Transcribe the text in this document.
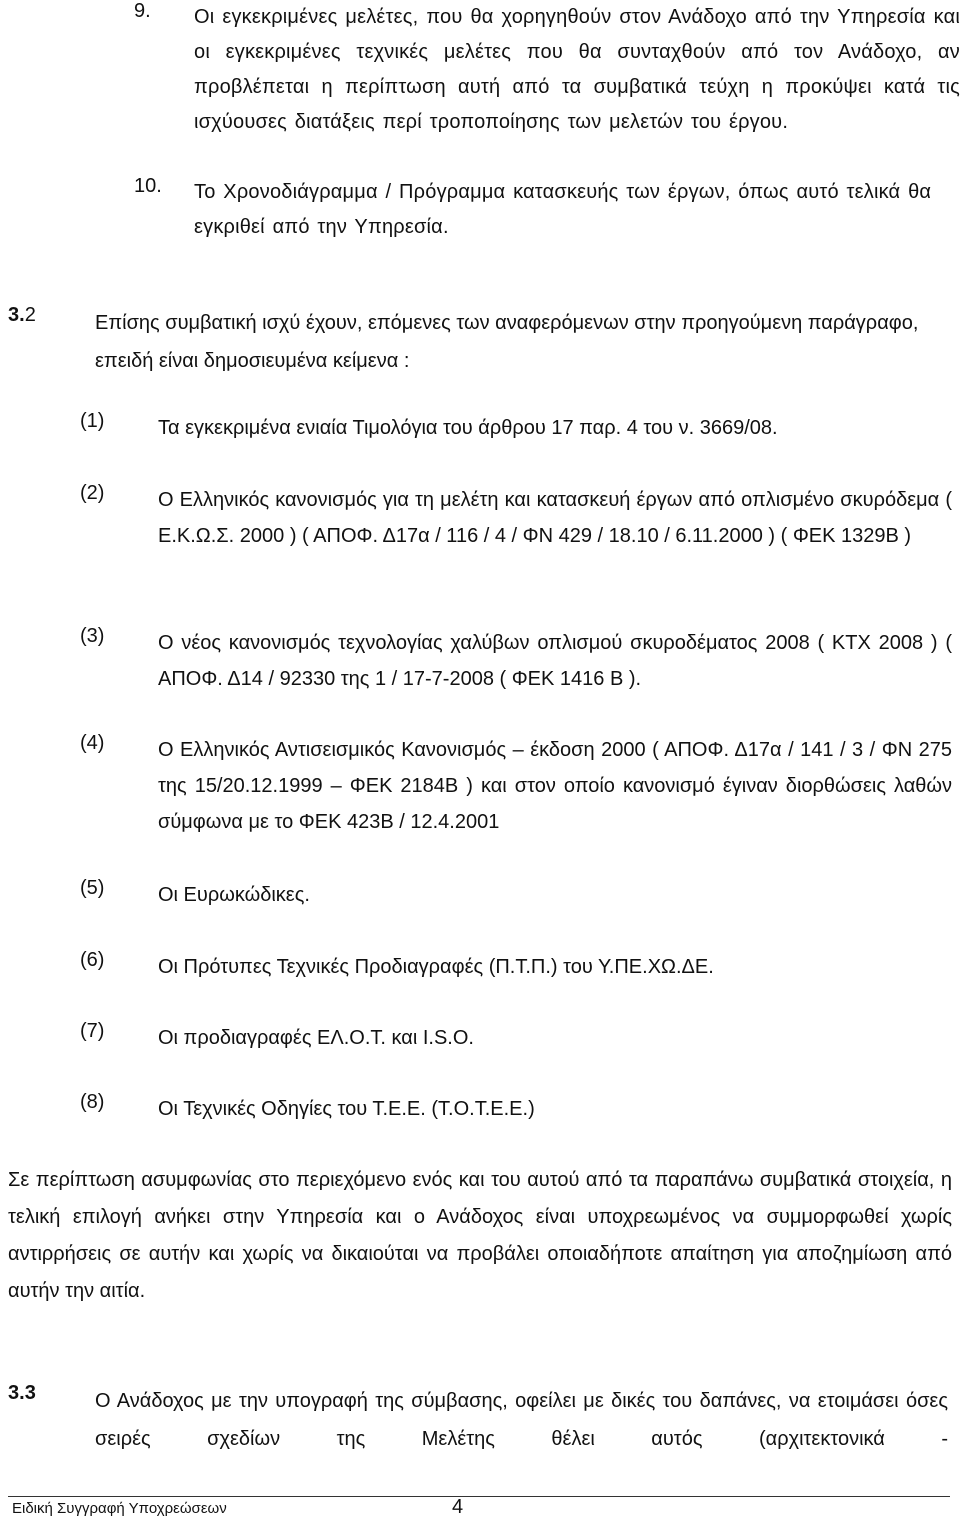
9. Οι εγκεκριμένες μελέτες, που θα χορηγηθούν στον Ανάδοχο από την Υπηρεσία και οι εγκεκριμένες τεχνικές μελέτες που θα συνταχθούν από τον Ανάδοχο, αν προβλέπεται η περίπτωση αυτή από τα συμβατικά τεύχη η προκύψει κατά τις ισχύουσες διατάξεις περί τροποποίησης των μελετών του έργου.
10. Το Χρονοδιάγραμμα / Πρόγραμμα κατασκευής των έργων, όπως αυτό τελικά θα εγκριθεί από την Υπηρεσία.
3.2	Επίσης συμβατική ισχύ έχουν, επόμενες των αναφερόμενων στην προηγούμενη παράγραφο, επειδή είναι δημοσιευμένα κείμενα :
(1)	Τα εγκεκριμένα ενιαία Τιμολόγια του άρθρου 17 παρ. 4 του ν. 3669/08.
(2)	Ο Ελληνικός κανονισμός για τη μελέτη και κατασκευή έργων από οπλισμένο σκυρόδεμα ( Ε.Κ.Ω.Σ. 2000 ) ( ΑΠΟΦ. Δ17α / 116 / 4 / ΦΝ 429 / 18.10 / 6.11.2000 ) ( ΦΕΚ 1329Β )
(3)	Ο νέος κανονισμός τεχνολογίας χαλύβων οπλισμού σκυροδέματος 2008 ( ΚΤΧ 2008 ) ( ΑΠΟΦ. Δ14 / 92330 της 1 / 17-7-2008 ( ΦΕΚ 1416 Β ).
(4)	Ο Ελληνικός Αντισεισμικός Κανονισμός – έκδοση 2000 ( ΑΠΟΦ. Δ17α / 141 / 3 / ΦΝ 275 της 15/20.12.1999 – ΦΕΚ 2184Β ) και στον οποίο κανονισμό έγιναν διορθώσεις λαθών σύμφωνα με το ΦΕΚ 423Β / 12.4.2001
(5)	Οι Ευρωκώδικες.
(6)	Οι Πρότυπες Τεχνικές Προδιαγραφές (Π.Τ.Π.) του Υ.ΠΕ.ΧΩ.ΔΕ.
(7)	Οι προδιαγραφές ΕΛ.Ο.Τ. και I.S.O.
(8)	Οι Τεχνικές Οδηγίες του Τ.Ε.Ε. (Τ.Ο.Τ.Ε.Ε.)
Σε περίπτωση ασυμφωνίας στο περιεχόμενο ενός και του αυτού από τα παραπάνω συμβατικά στοιχεία, η τελική επιλογή ανήκει στην Υπηρεσία και ο Ανάδοχος είναι υποχρεωμένος να συμμορφωθεί χωρίς αντιρρήσεις σε αυτήν και χωρίς να δικαιούται να προβάλει οποιαδήποτε απαίτηση για αποζημίωση από αυτήν την αιτία.
3.3	Ο Ανάδοχος με την υπογραφή της σύμβασης, οφείλει με δικές του δαπάνες, να ετοιμάσει όσες σειρές σχεδίων της Μελέτης θέλει αυτός (αρχιτεκτονικά -
Ειδική Συγγραφή Υποχρεώσεων	4
